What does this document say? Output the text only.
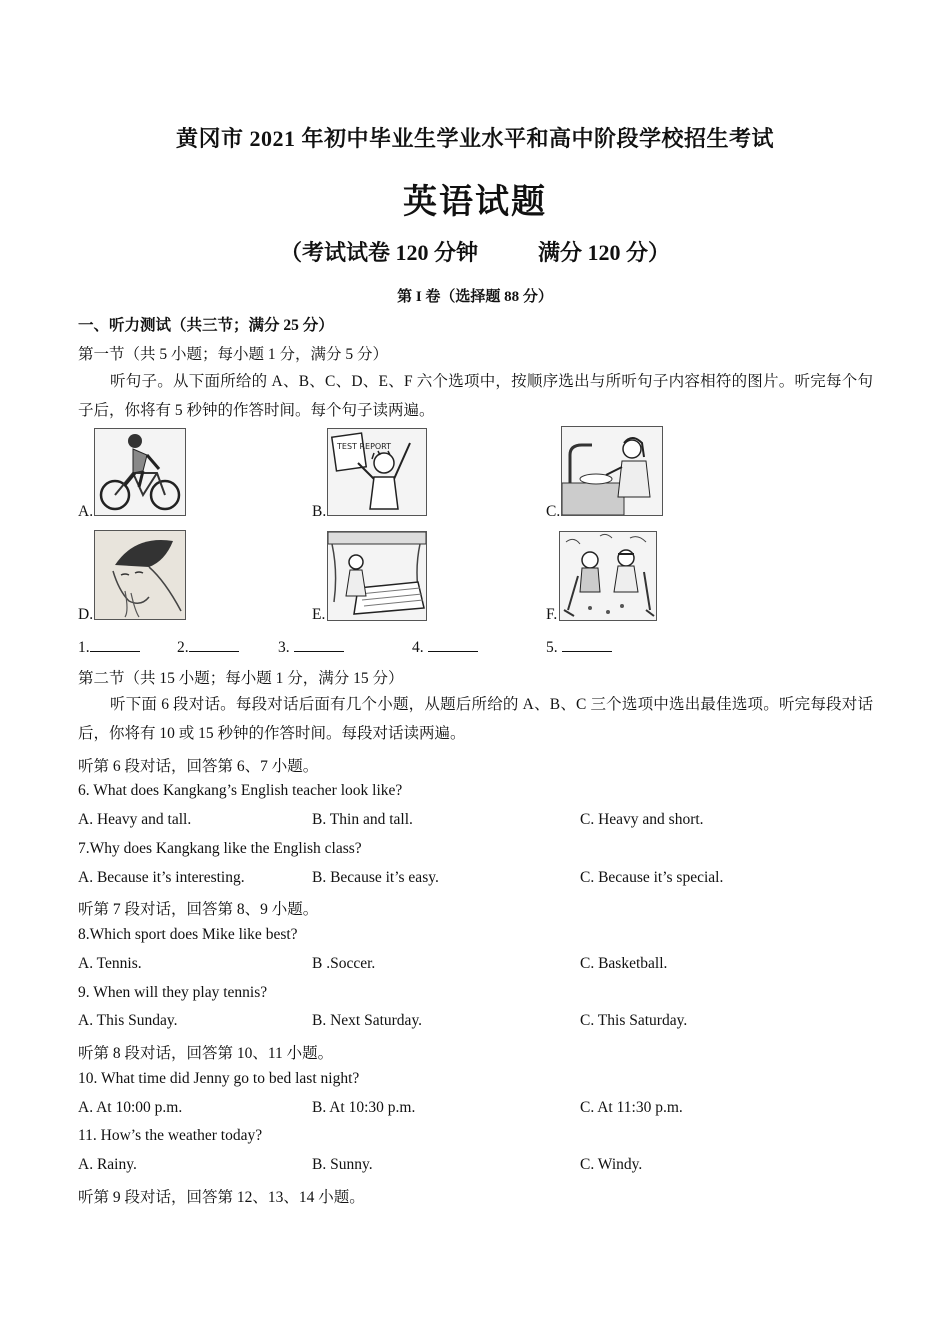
黄冈市 2021 年初中毕业生学业水平和高中阶段学校招生考试
英语试题
（考试试卷 120 分钟	满分 120 分）
第 I 卷（选择题 88 分）
一、听力测试（共三节；满分 25 分）
第一节（共 5 小题；每小题 1 分，满分 5 分）
听句子。从下面所给的 A、B、C、D、E、F 六个选项中，按顺序选出与所听句子内容相符的图片。听完每个句子后，你将有 5 秒钟的作答时间。每个句子读两遍。
A.	B.
TEST REPORT
C.
D.	E.	F.
1.	2.	3.	4.	5.
第二节（共 15 小题；每小题 1 分，满分 15 分）
听下面 6 段对话。每段对话后面有几个小题，从题后所给的 A、B、C 三个选项中选出最佳选项。听完每段对话后，你将有 10 或 15 秒钟的作答时间。每段对话读两遍。
听第 6 段对话，回答第 6、7 小题。
6. What does Kangkang’s English teacher look like?
A. Heavy and tall.	B. Thin and tall.	C. Heavy and short.
7.Why does Kangkang like the English class?
A. Because it’s interesting.	B. Because it’s easy.	C. Because it’s special.
听第 7 段对话，回答第 8、9 小题。
8.Which sport does Mike like best?
A. Tennis.	B .Soccer.	C. Basketball.
9. When will they play tennis?
A. This Sunday.	B. Next Saturday.	C. This Saturday.
听第 8 段对话，回答第 10、11 小题。
10. What time did Jenny go to bed last night?
A. At 10:00 p.m.	B. At 10:30 p.m.	C. At 11:30 p.m.
11. How’s the weather today?
A. Rainy.	B. Sunny.	C. Windy.
听第 9 段对话，回答第 12、13、14 小题。
